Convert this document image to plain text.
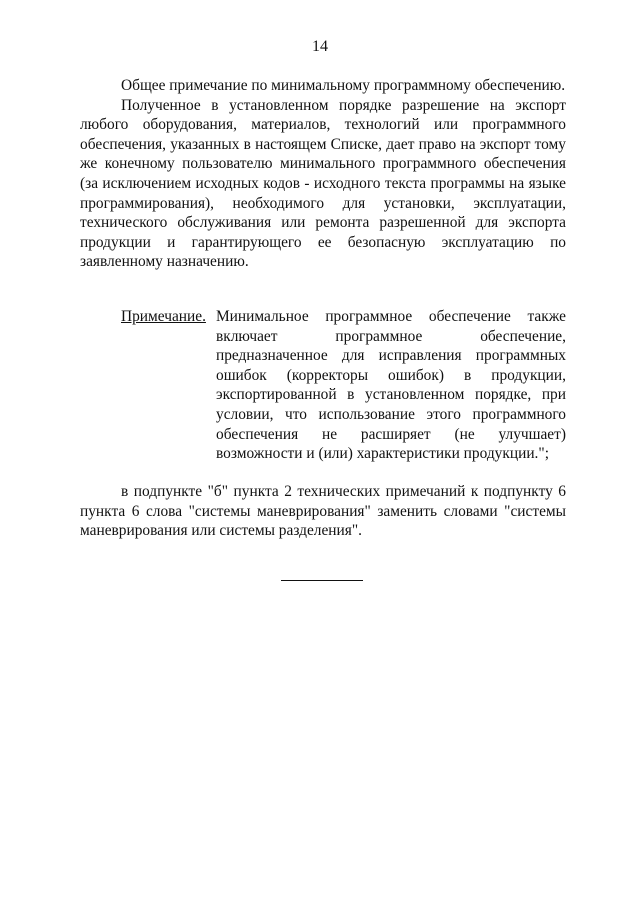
14

Общее примечание по минимальному программному обеспечению.

Полученное в установленном порядке разрешение на экспорт любого оборудования, материалов, технологий или программного обеспечения, указанных в настоящем Списке, дает право на экспорт тому же конечному пользователю минимального программного обеспечения (за исключением исходных кодов - исходного текста программы на языке программирования), необходимого для установки, эксплуатации, технического обслуживания или ремонта разрешенной для экспорта продукции и гарантирующего ее безопасную эксплуатацию по заявленному назначению.

Примечание. Минимальное программное обеспечение также включает программное обеспечение, предназначенное для исправления программных ошибок (корректоры ошибок) в продукции, экспортированной в установленном порядке, при условии, что использование этого программного обеспечения не расширяет (не улучшает) возможности и (или) характеристики продукции.";

в подпункте "б" пункта 2 технических примечаний к подпункту 6 пункта 6 слова "системы маневрирования" заменить словами "системы маневрирования или системы разделения".
